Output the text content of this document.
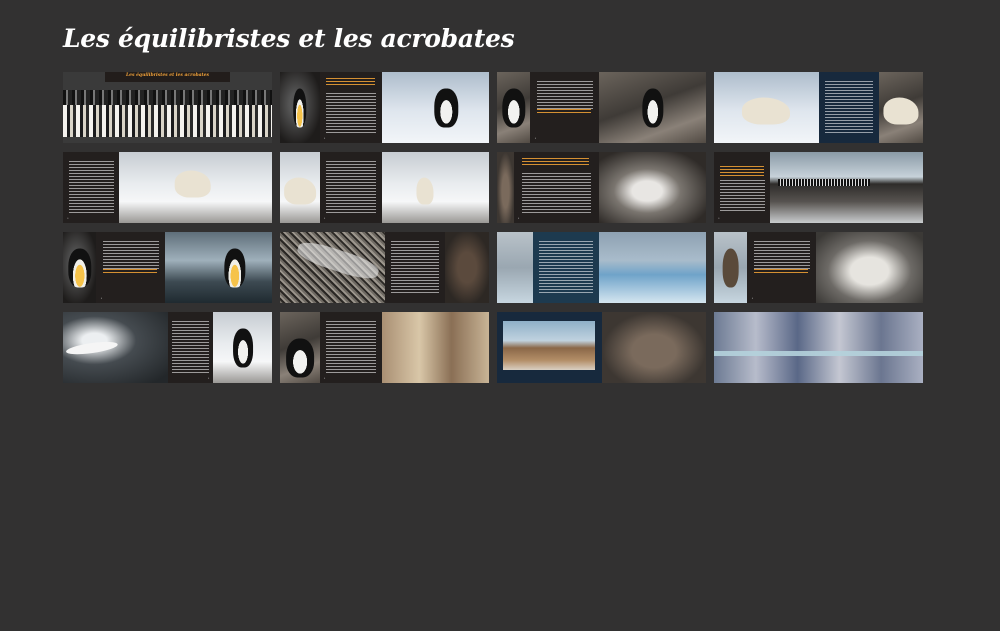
Les équilibristes et les acrobates
Les équilibristes et les acrobates
•	•
•	•	•	•
•	•
•	•
